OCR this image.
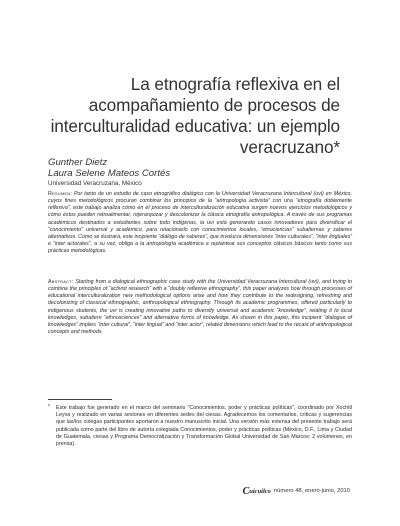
La etnografía reflexiva en el acompañamiento de procesos de interculturalidad educativa: un ejemplo veracruzano*
Gunther Dietz
Laura Selene Mateos Cortés
Universidad Veracruzana, México
Resumen: Por tanto de un estudio de caso etnográfico dialógico con la Universidad Veracruzana Intercultural (uvi) en México, cuyos fines metodológicos procuran combinar los principios de la “antropología activista” con una “etnografía doblemente reflexiva”, este trabajo analiza cómo en el proceso de interculturalización educativa surgen nuevos ejercicios metodológicos y cómo éstos pueden retroalimentar, rejerarquizar y descolonizar la clásica etnografía antropológica. A través de sus programas académicos destinados a estudiantes sobre todo indígenas, la uvi está generando casos innovadores para diversificar el “conocimiento” universal y académico, para relacionarlo con conocimientos locales, “etnociencias” subalternas y saberes alternativos. Como se ilustrará, este incipiente “diálogo de saberes”, que involucra dimensiones “inter culturales”, “inter lingüales” e “inter actorales”, a su vez, obliga a la antropología académica a replantear sus conceptos clásicos básicos tanto como sus prácticas metodológicas.
Abstract: Starting from a dialogical ethnographic case study with the Universidad Veracruzana Intercultural (uvi), and trying to combine the principles of “activist research” with a “doubly reflexive ethnography”, this paper analyzes how through processes of educational interculturalization new methodological options arise and how they contribute to the redesigning, refreshing and decolonizing of classical ethnographic, anthropological ethnography. Through its academic programmes, offered particularly to indigenous students, the uvi is creating innovative paths to diversify universal and academic “knowledge”, relating it to local knowledges, subaltern “ethnosciences” and alternative forms of knowledge. As shown in this paper, this incipient “dialogue of knowledges” implies “inter cultural”, “inter lingual” and “inter actor”, related dimensions which lead to the recast of anthropological concepts and methods.
* Este trabajo fue generado en el marco del seminario “Conocimientos, poder y prácticas políticas”, coordinado por Xochitl Leyva y realizado en varias sesiones en diferentes sedes del ciesas. Agradecemos los comentarios, críticas y sugerencias que las/los colegas participantes aportaron a nuestro manuscrito inicial. Una versión más extensa del presente trabajo será publicada como parte del libro de autoría colegiada Conocimientos, poder y prácticas políticas (México, D.F., Lima y Ciudad de Guatemala, ciesas y Programa Democratización y Transformación Global Universidad de San Marcos: 2 volúmenes, en prensa).
C uicuilco número 48, enero-junio, 2010
